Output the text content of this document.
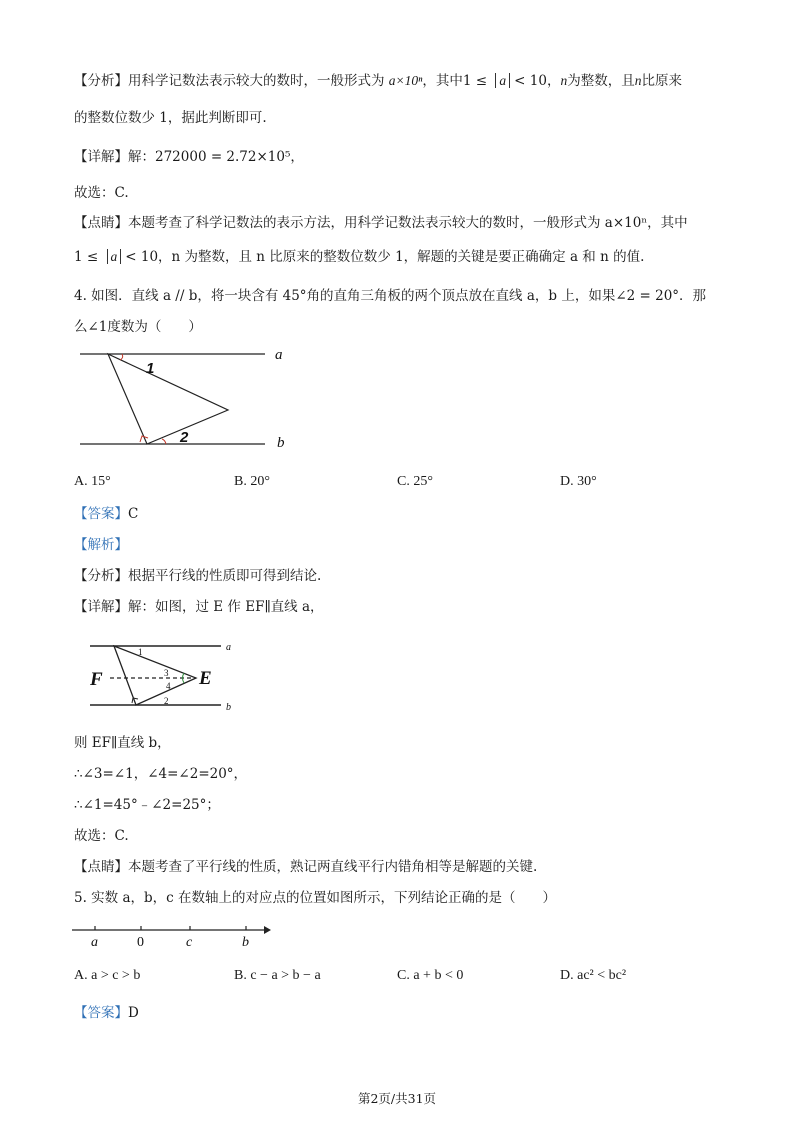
【分析】用科学记数法表示较大的数时，一般形式为 a×10ⁿ，其中1 ≤ a < 10，n为整数，且n比原来
的整数位数少 1，据此判断即可.
【详解】解：272000 = 2.72×10⁵，
故选：C.
【点睛】本题考查了科学记数法的表示方法，用科学记数法表示较大的数时，一般形式为 a×10ⁿ，其中
1 ≤ a < 10，n 为整数，且 n 比原来的整数位数少 1，解题的关键是要正确确定 a 和 n 的值.
4. 如图．直线 a // b，将一块含有 45°角的直角三角板的两个顶点放在直线 a，b 上，如果∠2 = 20°．那
么∠1度数为（　　）
1
2
a
b
A. 15°	B. 20°	C. 25°	D. 30°
【答案】C
【解析】
【分析】根据平行线的性质即可得到结论.
【详解】解：如图，过 E 作 EF∥直线 a，
1
2
3
4
F	E
a
b
则 EF∥直线 b，
∴∠3=∠1，∠4=∠2=20°，
∴∠1=45°﹣∠2=25°；
故选：C.
【点睛】本题考查了平行线的性质，熟记两直线平行内错角相等是解题的关键.
5. 实数 a，b，c 在数轴上的对应点的位置如图所示，下列结论正确的是（　　）
a	0	c	b
A. a > c > b	B. c − a > b − a	C. a + b < 0	D. ac² < bc²
【答案】D
第2页/共31页
